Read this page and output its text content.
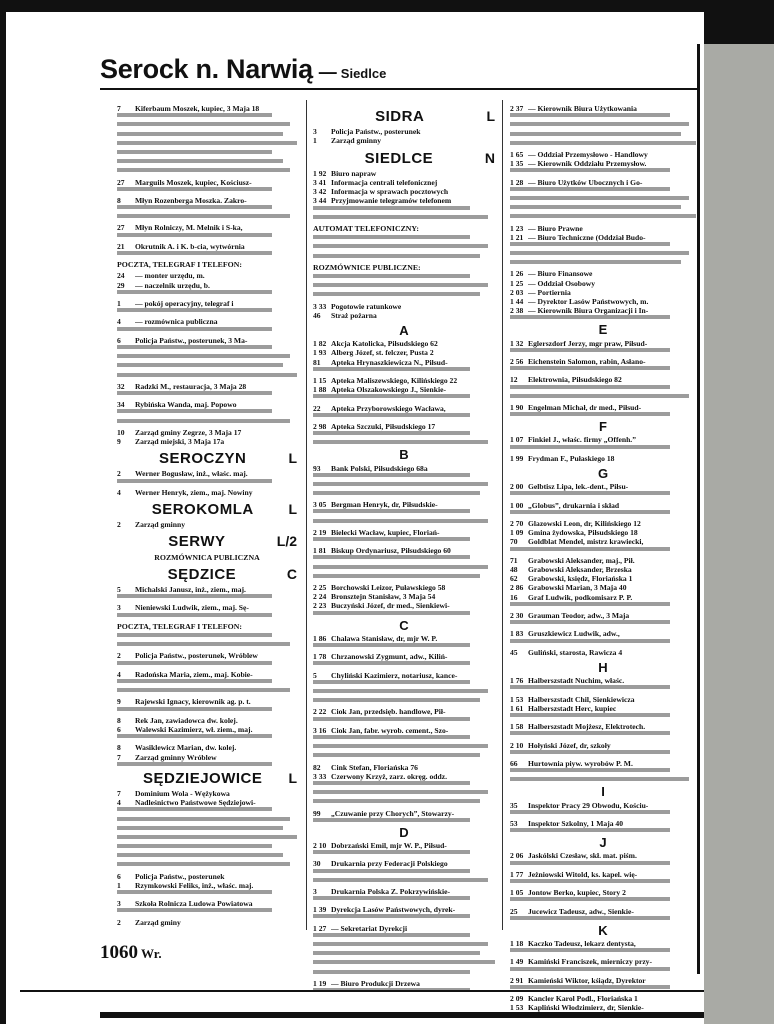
Serock n. Narwią — Siedlce
7	Kiferbaum Moszek, kupiec, 3 Maja 18
27	Marguils Moszek, kupiec, Kościusz-
8	Młyn Rozenberga Moszka. Zakro-
27	Młyn Rolniczy, M. Melnik i S-ka,
21	Okrutnik A. i K. b-cia, wytwórnia
POCZTA, TELEGRAF I TELEFON:
24	— monter urzędu, m.
29	— naczelnik urzędu, b.
1	— pokój operacyjny, telegraf i
4	— rozmównica publiczna
6	Policja Państw., posterunek, 3 Ma-
32	Radzki M., restauracja, 3 Maja 28
34	Rybińska Wanda, maj. Popowo
10	Zarząd gminy Zegrze, 3 Maja 17
9	Zarząd miejski, 3 Maja 17a
SEROCZYN	L
2	Werner Bogusław, inż., właśc. maj.
4	Werner Henryk, ziem., maj. Nowiny
SEROKOMLA	L
2	Zarząd gminny
SERWY	L/2
ROZMÓWNICA PUBLICZNA
SĘDZICE	C
5	Michalski Janusz, inż., ziem., maj.
3	Nieniewski Ludwik, ziem., maj. Sę-
POCZTA, TELEGRAF I TELEFON:
2	Policja Państw., posterunek, Wróblew
4	Radońska Maria, ziem., maj. Kobie-
9	Rajewski Ignacy, kierownik ag. p. t.
8	Rek Jan, zawiadowca dw. kolej.
6	Walewski Kazimierz, wł. ziem., maj.
8	Wasiklewicz Marian, dw. kolej.
7	Zarząd gminny Wróblew
SĘDZIEJOWICE	L
7	Dominium Wola - Wężykowa
4	Nadleśnictwo Państwowe Sędziejowi-
6	Policja Państw., posterunek
1	Rzymkowski Feliks, inż., właśc. maj.
3	Szkoła Rolnicza Ludowa Powiatowa
2	Zarząd gminy
SIDRA	L
3	Policja Państw., posterunek
1	Zarząd gminny
SIEDLCE	N
1 92 Biuro napraw
3 41 Informacja centrali telefonicznej
3 42 Informacja w sprawach pocztowych
3 44 Przyjmowanie telegramów telefonem
AUTOMAT TELEFONICZNY:
ROZMÓWNICE PUBLICZNE:
3 33 Pogotowie ratunkowe
46	Straż pożarna
A
1 82 Akcja Katolicka, Piłsudskiego 62
1 93 Alberg Józef, st. felczer, Pusta 2
81	Apteka Hrynaszkiewicza N., Piłsud-
1 15 Apteka Maliszewskiego, Kilińskiego 22
1 88 Apteka Olszakowskiego J., Sienkie-
22	Apteka Przyborowskiego Wacława,
2 98 Apteka Szczuki, Piłsudskiego 17
B
93	Bank Polski, Piłsudskiego 68a
3 05 Bergman Henryk, dr, Piłsudskie-
2 19 Bielecki Wacław, kupiec, Floriań-
1 81 Biskup Ordynariusz, Piłsudskiego 60
2 25 Borchowski Leizor, Puławskiego 58
2 24 Bronsztejn Stanisław, 3 Maja 54
2 23 Buczyński Józef, dr med., Sienkiewi-
C
1 86 Chalawa Stanisław, dr, mjr W. P.
1 78 Chrzanowski Zygmunt, adw., Kiliń-
5	Chyliński Kazimierz, notariusz, kance-
2 22 Ciok Jan, przedsięb. handlowe, Pił-
3 16 Ciok Jan, fabr. wyrob. cement., Szo-
82	Cink Stefan, Floriańska 76
3 33 Czerwony Krzyż, zarz. okręg. oddz.
99	„Czuwanie przy Chorych”, Stowarzy-
D
2 10 Dobrzański Emil, mjr W. P., Piłsud-
30	Drukarnia przy Federacji Polskiego
3	Drukarnia Polska Z. Pokrzywińskie-
1 39 Dyrekcja Lasów Państwowych, dyrek-
1 27 — Sekretariat Dyrekcji
1 19 — Biuro Produkcji Drzewa
2 37 — Kierownik Biura Użytkowania
1 65 — Oddział Przemysłowo - Handlowy
1 35 — Kierownik Oddziału Przemysłow.
1 28 — Biuro Użytków Ubocznych i Go-
1 23 — Biuro Prawne
1 21 — Biuro Techniczne (Oddział Budo-
1 26 — Biuro Finansowe
1 25 — Oddział Osobowy
2 03 — Portiernia
1 44 — Dyrektor Lasów Państwowych, m.
2 38 — Kierownik Biura Organizacji i In-
E
1 32 Eglerszdorf Jerzy, mgr praw, Piłsud-
2 56 Eichenstein Salomon, rabin, Asłano-
12	Elektrownia, Piłsudskiego 82
1 90 Engelman Michał, dr med., Piłsud-
F
1 07 Finkiel J., właśc. firmy „Offenh.”
1 99 Frydman F., Pułaskiego 18
G
2 00 Gelbtisz Lipa, lek.-dent., Piłsu-
1 00 „Globus”, drukarnia i skład
2 70 Glazowski Leon, dr, Kilińskiego 12
1 09 Gmina żydowska, Piłsudskiego 18
70	Goldblat Mendel, mistrz krawiecki,
71	Grabowski Aleksander, maj., Pił.
48	Grabowski Aleksander, Brzeska
62	Grabowski, księdz, Floriańska 1
2 86 Grabowski Marian, 3 Maja 40
16	Graf Ludwik, podkomisarz P. P.
2 30 Grauman Teodor, adw., 3 Maja
1 83 Gruszkiewicz Ludwik, adw.,
45	Guliński, starosta, Rawicza 4
H
1 76 Halberszstadt Nuchim, właśc.
1 53 Halberszstadt Chil, Sienkiewicza
1 61 Halberszstadt Herc, kupiec
1 58 Halberszstadt Mojżesz, Elektrotech.
2 10 Hołyński Józef, dr, szkoły
66	Hurtownia piyw. wyrobów P. M.
I
35	Inspektor Pracy 29 Obwodu, Kościu-
53	Inspektor Szkolny, 1 Maja 40
J
2 06 Jaskólski Czesław, skł. mat. piśm.
1 77 Jeżniowski Witold, ks. kapel. wię-
1 05 Jontow Berko, kupiec, Story 2
25	Jucewicz Tadeusz, adw., Sienkie-
K
1 18 Kaczko Tadeusz, lekarz dentysta,
1 49 Kamiński Franciszek, mierniczy przy-
2 91 Kamieński Wiktor, kśiądz, Dyrektor
2 09 Kancler Karol Podl., Floriańska 1
1 53 Kapliński Włodzimierz, dr, Sienkie-
1060 Wr.
